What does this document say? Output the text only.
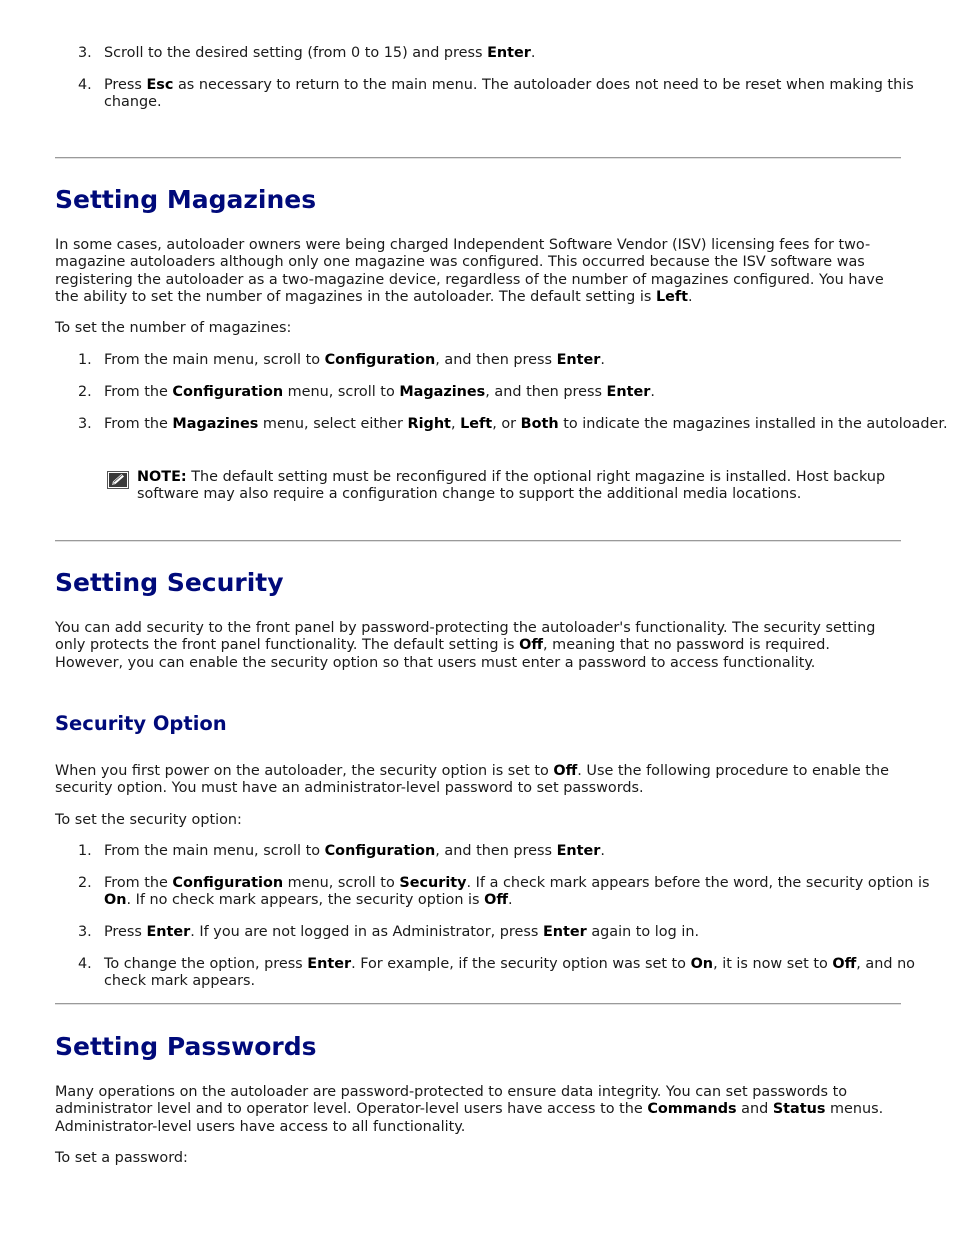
3. Scroll to the desired setting (from 0 to 15) and press Enter.
4. Press Esc as necessary to return to the main menu. The autoloader does not need to be reset when making this change.
Setting Magazines

In some cases, autoloader owners were being charged Independent Software Vendor (ISV) licensing fees for two-magazine autoloaders although only one magazine was configured. This occurred because the ISV software was registering the autoloader as a two-magazine device, regardless of the number of magazines configured. You have the ability to set the number of magazines in the autoloader. The default setting is Left.

To set the number of magazines:

1. From the main menu, scroll to Configuration, and then press Enter.
2. From the Configuration menu, scroll to Magazines, and then press Enter.
3. From the Magazines menu, select either Right, Left, or Both to indicate the magazines installed in the autoloader.
NOTE: The default setting must be reconfigured if the optional right magazine is installed. Host backup software may also require a configuration change to support the additional media locations.
Setting Security

You can add security to the front panel by password-protecting the autoloader's functionality. The security setting only protects the front panel functionality. The default setting is Off, meaning that no password is required. However, you can enable the security option so that users must enter a password to access functionality.

Security Option

When you first power on the autoloader, the security option is set to Off. Use the following procedure to enable the security option. You must have an administrator-level password to set passwords.

To set the security option:

1. From the main menu, scroll to Configuration, and then press Enter.
2. From the Configuration menu, scroll to Security. If a check mark appears before the word, the security option is On. If no check mark appears, the security option is Off.
3. Press Enter. If you are not logged in as Administrator, press Enter again to log in.
4. To change the option, press Enter. For example, if the security option was set to On, it is now set to Off, and no check mark appears.
Setting Passwords

Many operations on the autoloader are password-protected to ensure data integrity. You can set passwords to administrator level and to operator level. Operator-level users have access to the Commands and Status menus. Administrator-level users have access to all functionality.

To set a password:
